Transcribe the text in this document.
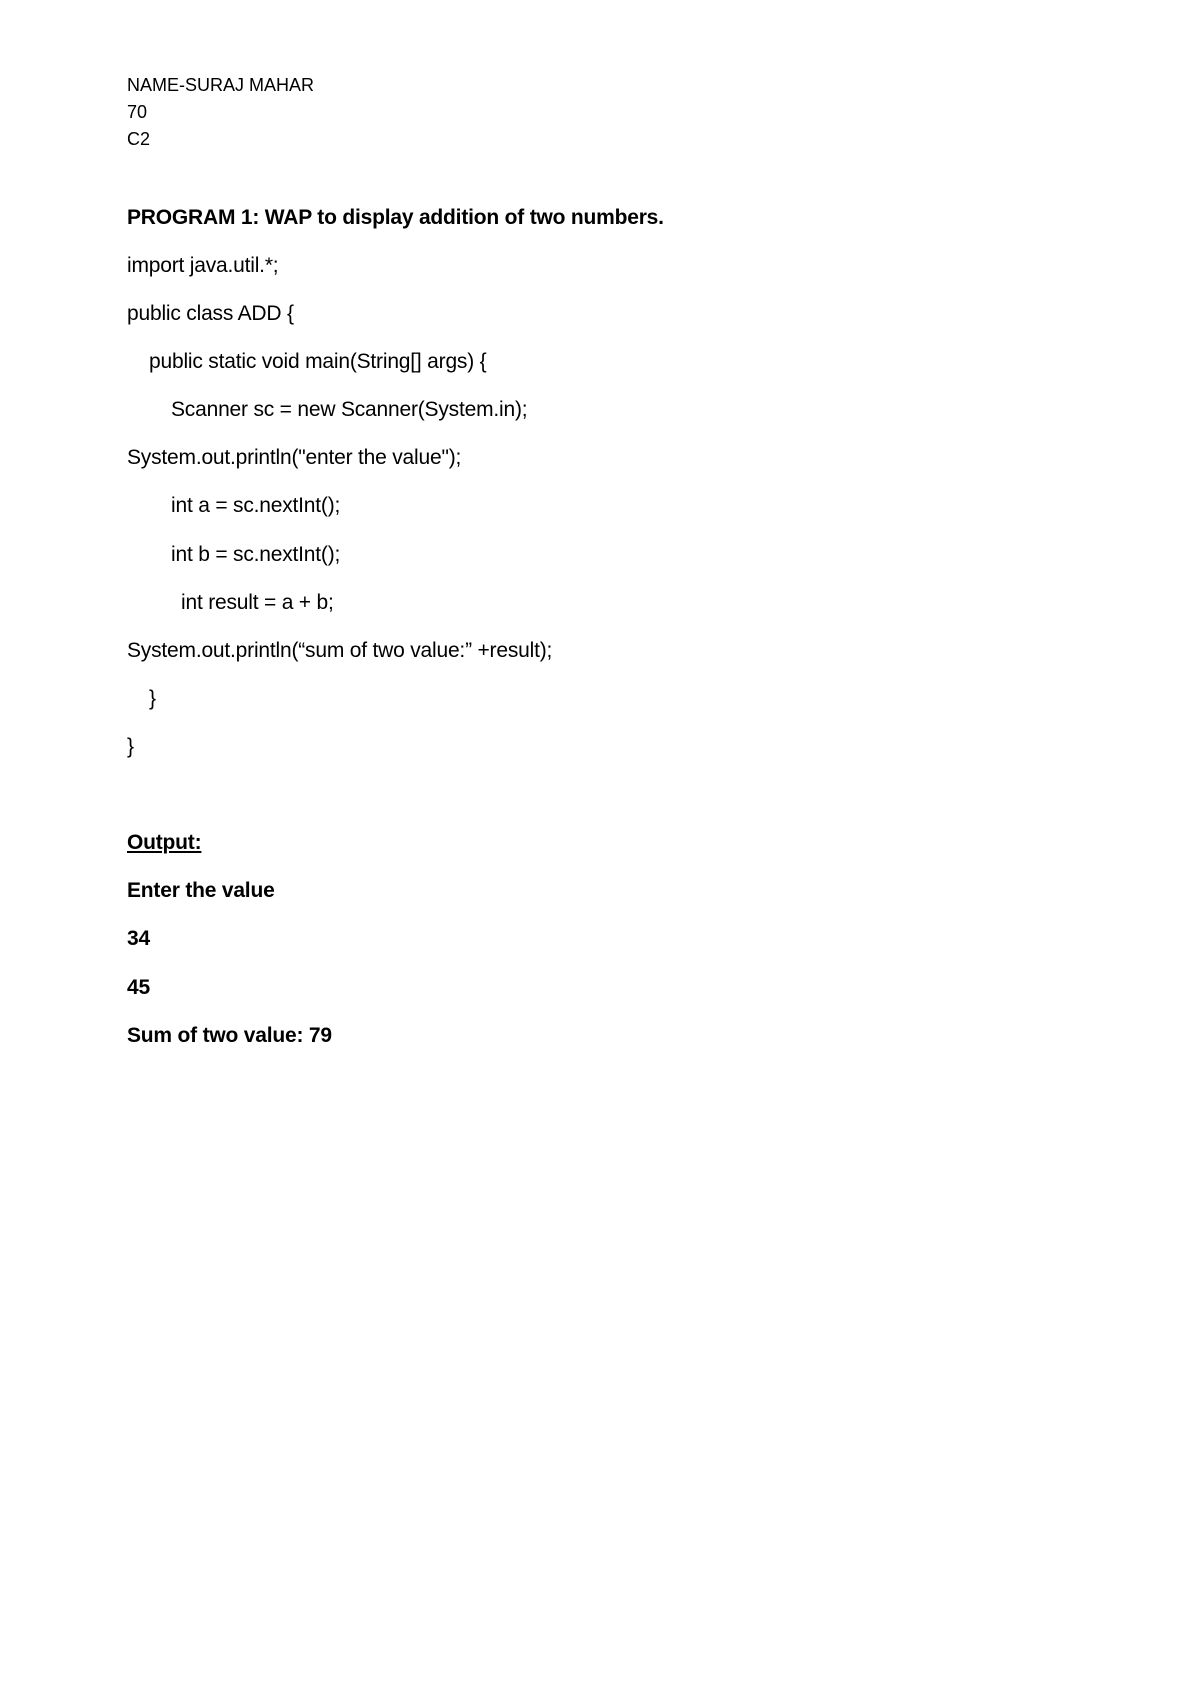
NAME-SURAJ MAHAR
70
C2
PROGRAM 1: WAP to display addition of two numbers.
import java.util.*;
public class ADD {
public static void main(String[] args) {
Scanner sc = new Scanner(System.in);
System.out.println("enter the value");
int a = sc.nextInt();
int b = sc.nextInt();
int result = a + b;
System.out.println(“sum of two value:” +result);
}
}
Output:
Enter the value
34
45
Sum of two value: 79
